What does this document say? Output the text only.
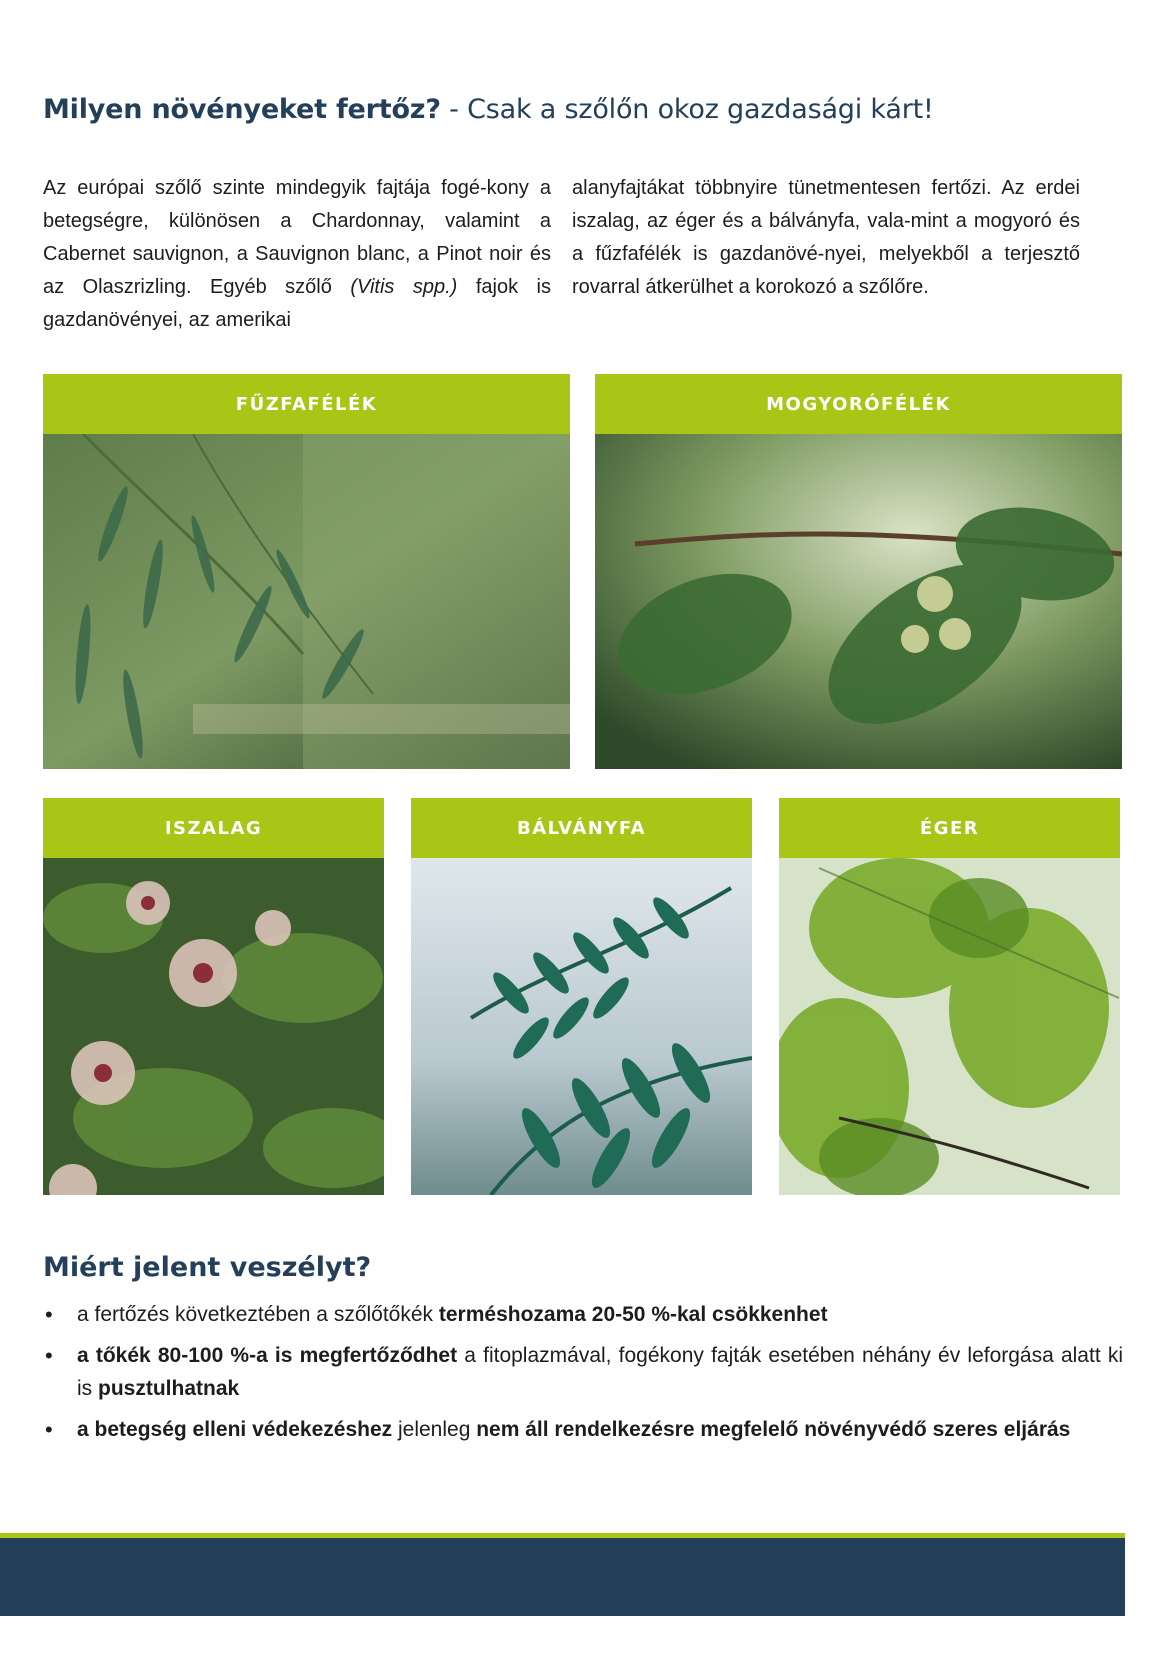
Milyen növényeket fertőz? - Csak a szőlőn okoz gazdasági kárt!

Az európai szőlő szinte mindegyik fajtája fogé-kony a betegségre, különösen a Chardonnay, valamint a Cabernet sauvignon, a Sauvignon blanc, a Pinot noir és az Olaszrizling. Egyéb szőlő (Vitis spp.) fajok is gazdanövényei, az amerikai

alanyfajtákat többnyire tünetmentesen fertőzi. Az erdei iszalag, az éger és a bálványfa, vala-mint a mogyoró és a fűzfafélék is gazdanövé-nyei, melyekből a terjesztő rovarral átkerülhet a korokozó a szőlőre.

FŰZFAFÉLÉK	MOGYORÓFÉLÉK
ISZALAG	BÁLVÁNYFA	ÉGER
Miért jelent veszélyt?
• a fertőzés következtében a szőlőtőkék terméshozama 20-50 %-kal csökkenhet
• a tőkék 80-100 %-a is megfertőződhet a fitoplazmával, fogékony fajták esetében néhány év leforgása alatt ki is pusztulhatnak
• a betegség elleni védekezéshez jelenleg nem áll rendelkezésre megfelelő növényvédő szeres eljárás
